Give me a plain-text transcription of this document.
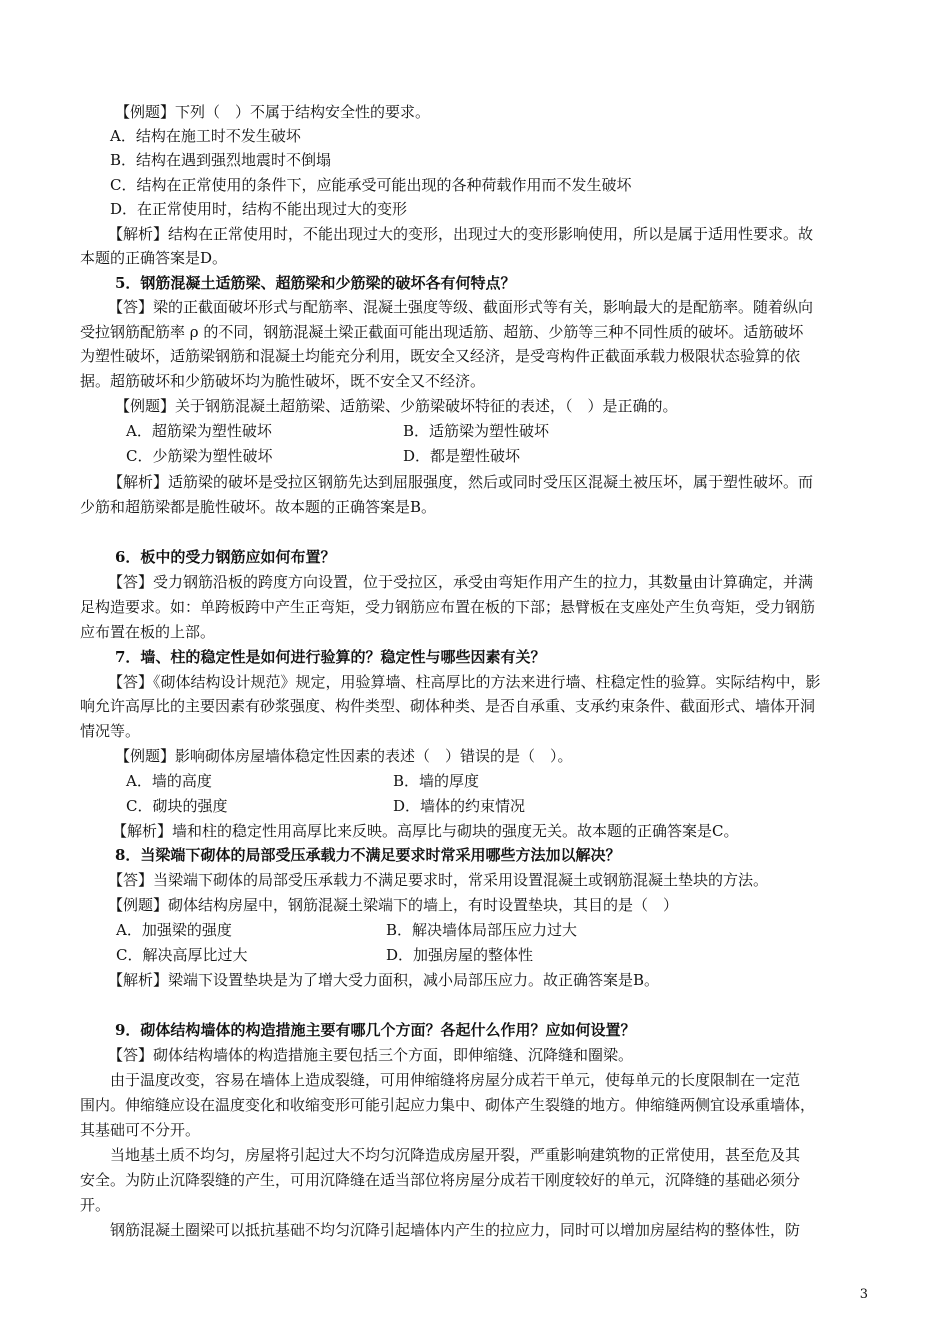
【例题】下列（　）不属于结构安全性的要求。
A．结构在施工时不发生破坏
B．结构在遇到强烈地震时不倒塌
C．结构在正常使用的条件下，应能承受可能出现的各种荷载作用而不发生破坏
D．在正常使用时，结构不能出现过大的变形
【解析】结构在正常使用时，不能出现过大的变形，出现过大的变形影响使用，所以是属于适用性要求。故
本题的正确答案是D。
5．钢筋混凝土适筋梁、超筋梁和少筋梁的破坏各有何特点？
【答】梁的正截面破坏形式与配筋率、混凝土强度等级、截面形式等有关，影响最大的是配筋率。随着纵向
受拉钢筋配筋率 ρ 的不同，钢筋混凝土梁正截面可能出现适筋、超筋、少筋等三种不同性质的破坏。适筋破坏
为塑性破坏，适筋梁钢筋和混凝土均能充分利用，既安全又经济，是受弯构件正截面承载力极限状态验算的依
据。超筋破坏和少筋破坏均为脆性破坏，既不安全又不经济。
【例题】关于钢筋混凝土超筋梁、适筋梁、少筋梁破坏特征的表述，（　）是正确的。
A．超筋梁为塑性破坏	B．适筋梁为塑性破坏
C．少筋梁为塑性破坏	D．都是塑性破坏
【解析】适筋梁的破坏是受拉区钢筋先达到屈服强度，然后或同时受压区混凝土被压坏，属于塑性破坏。而
少筋和超筋梁都是脆性破坏。故本题的正确答案是B。
6．板中的受力钢筋应如何布置？
【答】受力钢筋沿板的跨度方向设置，位于受拉区，承受由弯矩作用产生的拉力，其数量由计算确定，并满
足构造要求。如：单跨板跨中产生正弯矩，受力钢筋应布置在板的下部；悬臂板在支座处产生负弯矩，受力钢筋
应布置在板的上部。
7．墙、柱的稳定性是如何进行验算的？稳定性与哪些因素有关？
【答】《砌体结构设计规范》规定，用验算墙、柱高厚比的方法来进行墙、柱稳定性的验算。实际结构中，影
响允许高厚比的主要因素有砂浆强度、构件类型、砌体种类、是否自承重、支承约束条件、截面形式、墙体开洞
情况等。
【例题】影响砌体房屋墙体稳定性因素的表述（　）错误的是（　）。
A．墙的高度	B．墙的厚度
C．砌块的强度	D．墙体的约束情况
【解析】墙和柱的稳定性用高厚比来反映。高厚比与砌块的强度无关。故本题的正确答案是C。
8．当梁端下砌体的局部受压承载力不满足要求时常采用哪些方法加以解决？
【答】当梁端下砌体的局部受压承载力不满足要求时，常采用设置混凝土或钢筋混凝土垫块的方法。
【例题】砌体结构房屋中，钢筋混凝土梁端下的墙上，有时设置垫块，其目的是（　）
A．加强梁的强度	B．解决墙体局部压应力过大
C．解决高厚比过大	D．加强房屋的整体性
【解析】梁端下设置垫块是为了增大受力面积，减小局部压应力。故正确答案是B。
9．砌体结构墙体的构造措施主要有哪几个方面？各起什么作用？应如何设置？
【答】砌体结构墙体的构造措施主要包括三个方面，即伸缩缝、沉降缝和圈梁。
由于温度改变，容易在墙体上造成裂缝，可用伸缩缝将房屋分成若干单元，使每单元的长度限制在一定范
围内。伸缩缝应设在温度变化和收缩变形可能引起应力集中、砌体产生裂缝的地方。伸缩缝两侧宜设承重墙体，
其基础可不分开。
当地基土质不均匀，房屋将引起过大不均匀沉降造成房屋开裂，严重影响建筑物的正常使用，甚至危及其
安全。为防止沉降裂缝的产生，可用沉降缝在适当部位将房屋分成若干刚度较好的单元，沉降缝的基础必须分
开。
钢筋混凝土圈梁可以抵抗基础不均匀沉降引起墙体内产生的拉应力，同时可以增加房屋结构的整体性，防
3
